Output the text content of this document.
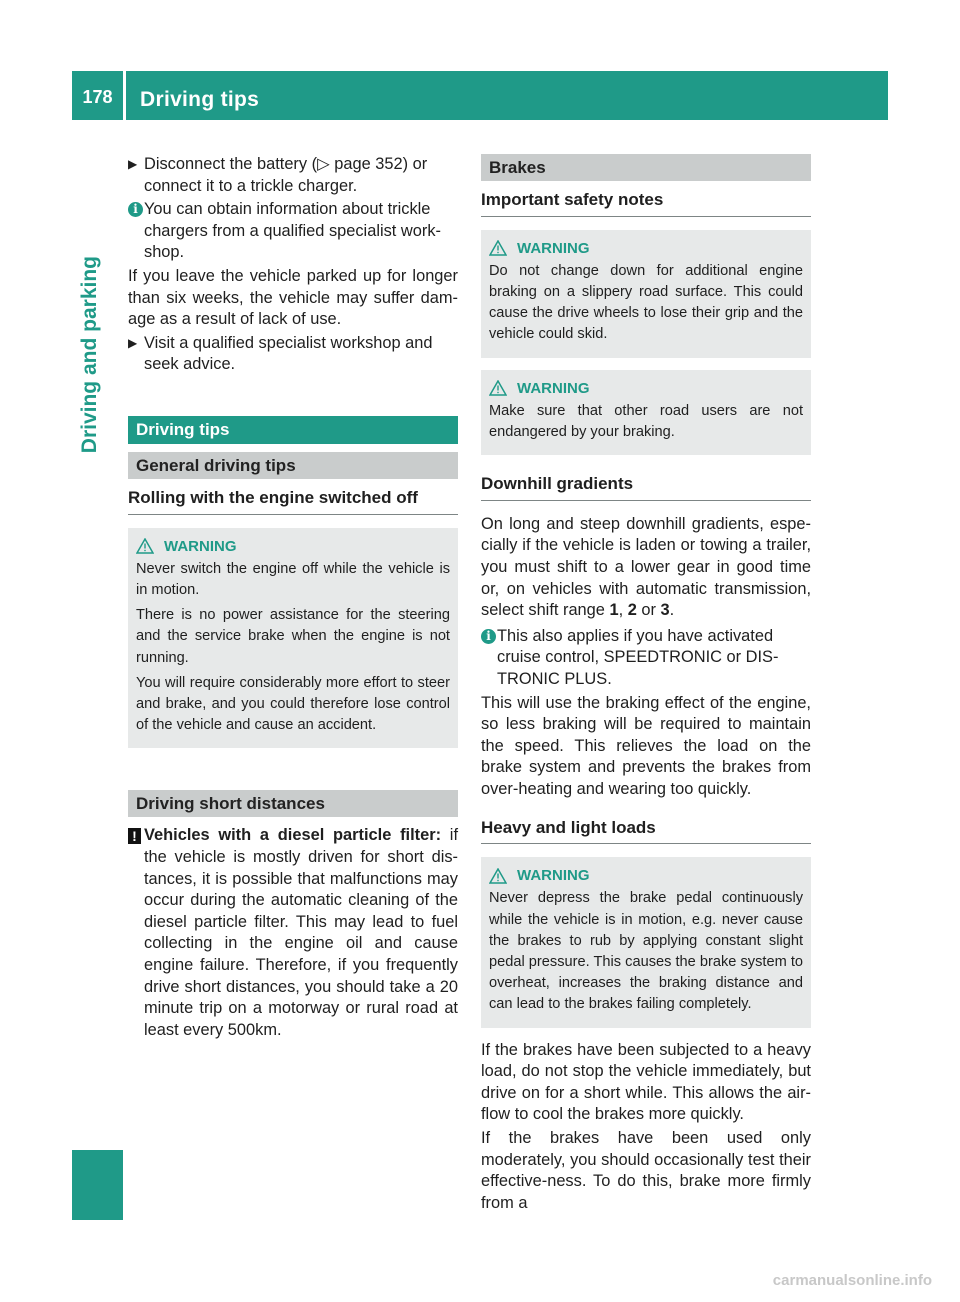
178	Driving tips
Driving and parking
▶ Disconnect the battery (▷ page 352) or connect it to a trickle charger.
i You can obtain information about trickle chargers from a qualified specialist work-shop.

If you leave the vehicle parked up for longer than six weeks, the vehicle may suffer dam-age as a result of lack of use.

▶ Visit a qualified specialist workshop and seek advice.
Driving tips
General driving tips
Rolling with the engine switched off
WARNING

Never switch the engine off while the vehicle is in motion.

There is no power assistance for the steering and the service brake when the engine is not running.

You will require considerably more effort to steer and brake, and you could therefore lose control of the vehicle and cause an accident.

Driving short distances
! Vehicles with a diesel particle filter: if the vehicle is mostly driven for short dis-tances, it is possible that malfunctions may occur during the automatic cleaning of the diesel particle filter. This may lead to fuel collecting in the engine oil and cause engine failure. Therefore, if you frequently drive short distances, you should take a 20 minute trip on a motorway or rural road at least every 500km.

Brakes
Important safety notes
WARNING

Do not change down for additional engine braking on a slippery road surface. This could cause the drive wheels to lose their grip and the vehicle could skid.

WARNING

Make sure that other road users are not endangered by your braking.

Downhill gradients

On long and steep downhill gradients, espe-cially if the vehicle is laden or towing a trailer, you must shift to a lower gear in good time or, on vehicles with automatic transmission, select shift range 1, 2 or 3.

i This also applies if you have activated cruise control, SPEEDTRONIC or DIS-TRONIC PLUS.

This will use the braking effect of the engine, so less braking will be required to maintain the speed. This relieves the load on the brake system and prevents the brakes from over-heating and wearing too quickly.

Heavy and light loads
WARNING

Never depress the brake pedal continuously while the vehicle is in motion, e.g. never cause the brakes to rub by applying constant slight pedal pressure. This causes the brake system to overheat, increases the braking distance and can lead to the brakes failing completely.

If the brakes have been subjected to a heavy load, do not stop the vehicle immediately, but drive on for a short while. This allows the air-flow to cool the brakes more quickly.

If the brakes have been used only moderately, you should occasionally test their effective-ness. To do this, brake more firmly from a

carmanualsonline.info
